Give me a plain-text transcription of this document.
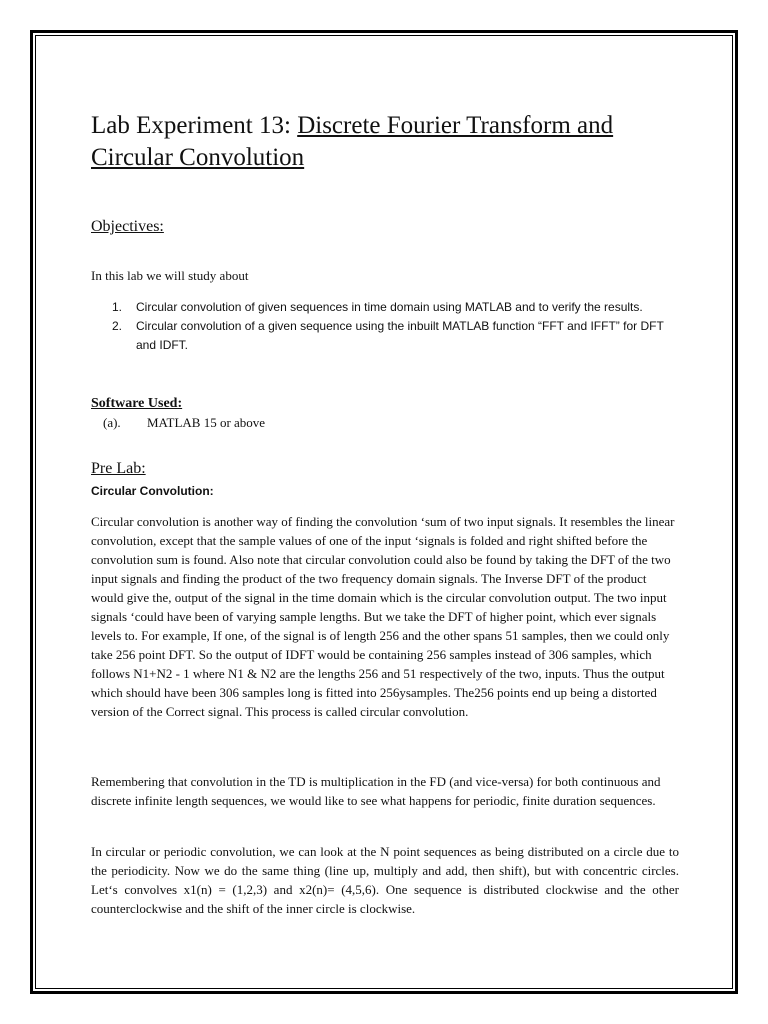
Lab Experiment 13: Discrete Fourier Transform and Circular Convolution
Objectives:
In this lab we will study about
1.	Circular convolution of given sequences in time domain using MATLAB and to verify the results.
2.	Circular convolution of a given sequence using the inbuilt MATLAB function “FFT and IFFT” for DFT and IDFT.
Software Used:
(a). MATLAB 15 or above
Pre Lab:
Circular Convolution:

Circular convolution is another way of finding the convolution ‘sum of two input signals. It resembles the linear convolution, except that the sample values of one of the input ‘signals is folded and right shifted before the convolution sum is found. Also note that circular convolution could also be found by taking the DFT of the two input signals and finding the product of the two frequency domain signals. The Inverse DFT of the product would give the, output of the signal in the time domain which is the circular convolution output. The two input signals ‘could have been of varying sample lengths. But we take the DFT of higher point, which ever signals levels to. For example, If one, of the signal is of length 256 and the other spans 51 samples, then we could only take 256 point DFT. So the output of IDFT would be containing 256 samples instead of 306 samples, which follows N1+N2 - 1 where N1 & N2 are the lengths 256 and 51 respectively of the two, inputs. Thus the output which should have been 306 samples long is fitted into 256ysamples. The256 points end up being a distorted version of the Correct signal. This process is called circular convolution.

Remembering that convolution in the TD is multiplication in the FD (and vice-versa) for both continuous and discrete infinite length sequences, we would like to see what happens for periodic, finite duration sequences.

In circular or periodic convolution, we can look at the N point sequences as being distributed on a circle due to the periodicity. Now we do the same thing (line up, multiply and add, then shift), but with concentric circles. Let‘s convolves x1(n) = (1,2,3) and x2(n)= (4,5,6). One sequence is distributed clockwise and the other counterclockwise and the shift of the inner circle is clockwise.
